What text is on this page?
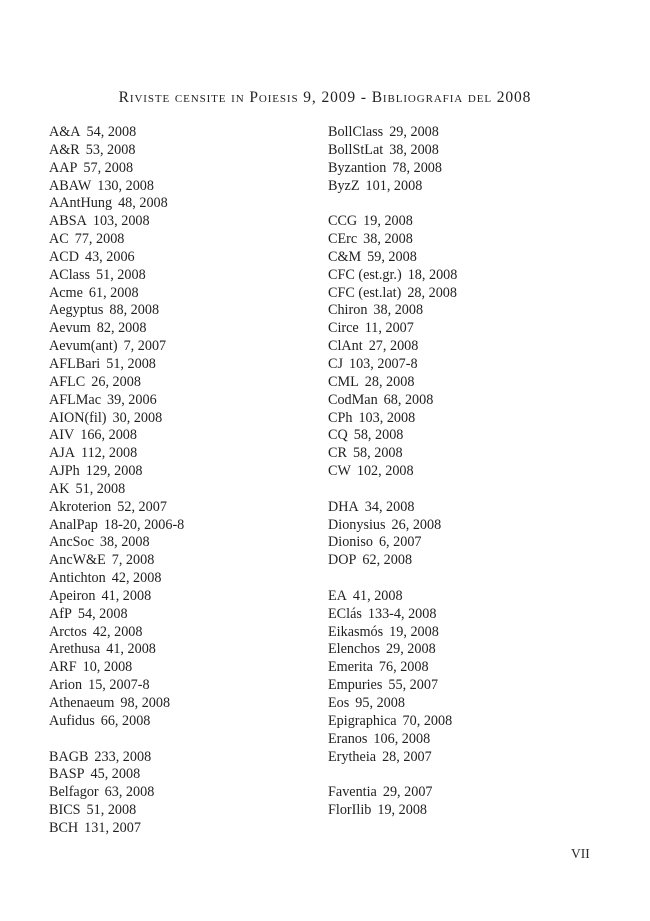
Riviste censite in Poiesis 9, 2009 - Bibliografia del 2008
A&A 54, 2008
A&R 53, 2008
AAP 57, 2008
ABAW 130, 2008
AAntHung 48, 2008
ABSA 103, 2008
AC 77, 2008
ACD 43, 2006
AClass 51, 2008
Acme 61, 2008
Aegyptus 88, 2008
Aevum 82, 2008
Aevum(ant) 7, 2007
AFLBari 51, 2008
AFLC 26, 2008
AFLMac 39, 2006
AION(fil) 30, 2008
AIV 166, 2008
AJA 112, 2008
AJPh 129, 2008
AK 51, 2008
Akroterion 52, 2007
AnalPap 18-20, 2006-8
AncSoc 38, 2008
AncW&E 7, 2008
Antichton 42, 2008
Apeiron 41, 2008
AfP 54, 2008
Arctos 42, 2008
Arethusa 41, 2008
ARF 10, 2008
Arion 15, 2007-8
Athenaeum 98, 2008
Aufidus 66, 2008
BAGB 233, 2008
BASP 45, 2008
Belfagor 63, 2008
BICS 51, 2008
BCH 131, 2007
BollClass 29, 2008
BollStLat 38, 2008
Byzantion 78, 2008
ByzZ 101, 2008
CCG 19, 2008
CErc 38, 2008
C&M 59, 2008
CFC (est.gr.) 18, 2008
CFC (est.lat) 28, 2008
Chiron 38, 2008
Circe 11, 2007
ClAnt 27, 2008
CJ 103, 2007-8
CML 28, 2008
CodMan 68, 2008
CPh 103, 2008
CQ 58, 2008
CR 58, 2008
CW 102, 2008
DHA 34, 2008
Dionysius 26, 2008
Dioniso 6, 2007
DOP 62, 2008
EA 41, 2008
EClás 133-4, 2008
Eikasmós 19, 2008
Elenchos 29, 2008
Emerita 76, 2008
Empuries 55, 2007
Eos 95, 2008
Epigraphica 70, 2008
Eranos 106, 2008
Erytheia 28, 2007
Faventia 29, 2007
FlorIlib 19, 2008
VII
